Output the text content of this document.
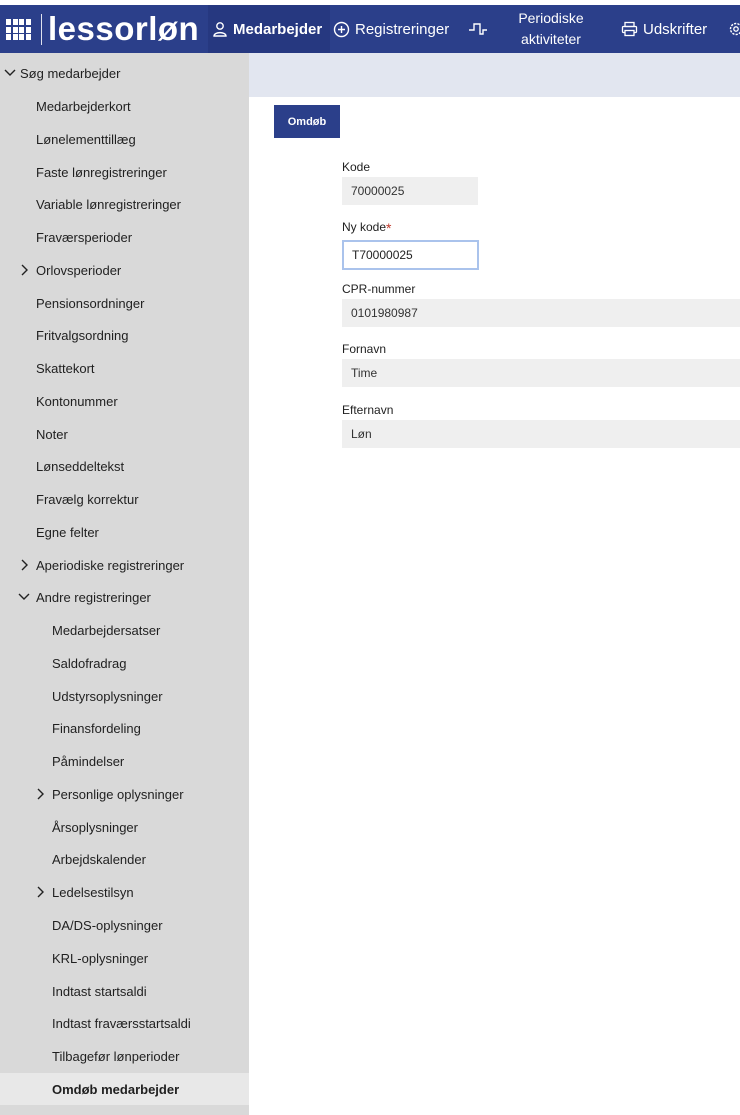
lessorløn Medarbejder Registreringer
Periodiske
aktiviteter
Udskrifter
Søg medarbejder
Medarbejderkort
Lønelementtillæg
Faste lønregistreringer
Variable lønregistreringer
Fraværsperioder
Orlovsperioder
Pensionsordninger
Fritvalgsordning
Skattekort
Kontonummer
Noter
Lønseddeltekst
Fravælg korrektur
Egne felter
Aperiodiske registreringer
Andre registreringer
Medarbejdersatser
Saldofradrag
Udstyrsoplysninger
Finansfordeling
Påmindelser
Personlige oplysninger
Årsoplysninger
Arbejdskalender
Ledelsestilsyn
DA/DS-oplysninger
KRL-oplysninger
Indtast startsaldi
Indtast fraværsstartsaldi
Tilbagefør lønperioder
Omdøb medarbejder
Omdøb
Kode
70000025
Ny kode*
T70000025
CPR-nummer
0101980987
Fornavn
Time
Efternavn
Løn
